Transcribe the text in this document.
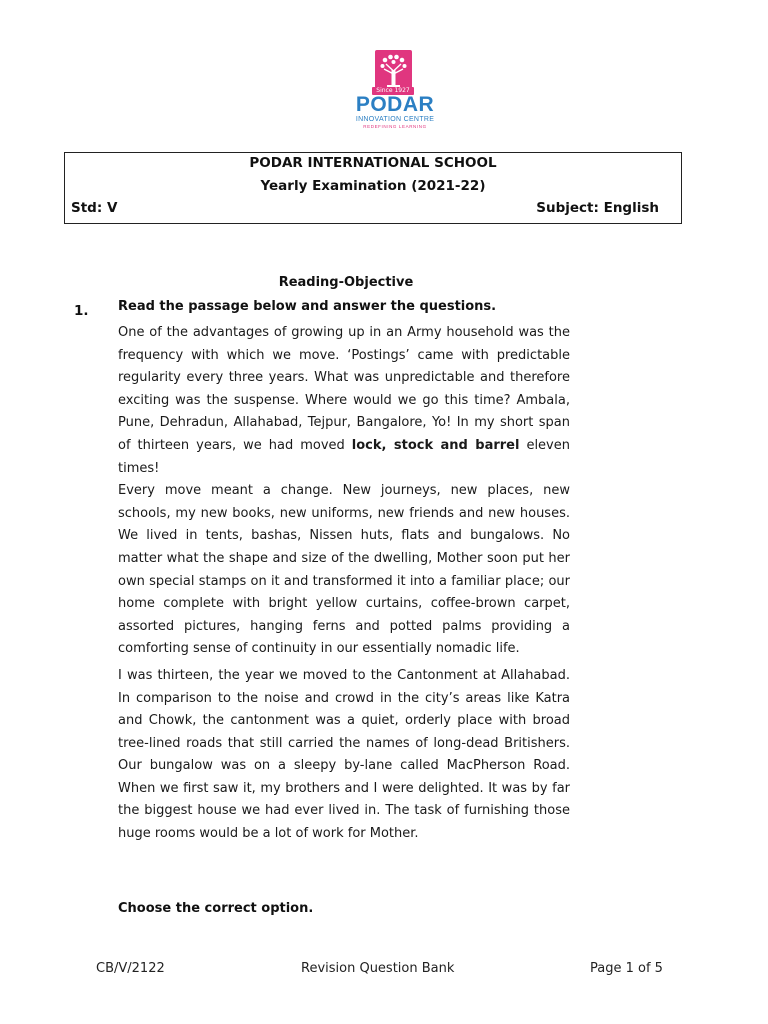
Since 1927
PODAR
INNOVATION CENTRE
REDEFINING LEARNING
PODAR INTERNATIONAL SCHOOL
Yearly Examination (2021-22)
Std: V	Subject: English
Reading-Objective
1. Read the passage below and answer the questions.

One of the advantages of growing up in an Army household was the frequency with which we move. ‘Postings’ came with predictable regularity every three years. What was unpredictable and therefore exciting was the suspense. Where would we go this time? Ambala, Pune, Dehradun, Allahabad, Tejpur, Bangalore, Yo! In my short span of thirteen years, we had moved lock, stock and barrel eleven times!

Every move meant a change. New journeys, new places, new schools, my new books, new uniforms, new friends and new houses. We lived in tents, bashas, Nissen huts, flats and bungalows. No matter what the shape and size of the dwelling, Mother soon put her own special stamps on it and transformed it into a familiar place; our home complete with bright yellow curtains, coffee-brown carpet, assorted pictures, hanging ferns and potted palms providing a comforting sense of continuity in our essentially nomadic life.

I was thirteen, the year we moved to the Cantonment at Allahabad. In comparison to the noise and crowd in the city’s areas like Katra and Chowk, the cantonment was a quiet, orderly place with broad tree-lined roads that still carried the names of long-dead Britishers. Our bungalow was on a sleepy by-lane called MacPherson Road. When we first saw it, my brothers and I were delighted. It was by far the biggest house we had ever lived in. The task of furnishing those huge rooms would be a lot of work for Mother.

Choose the correct option.
CB/V/2122	Revision Question Bank	Page 1 of 5
